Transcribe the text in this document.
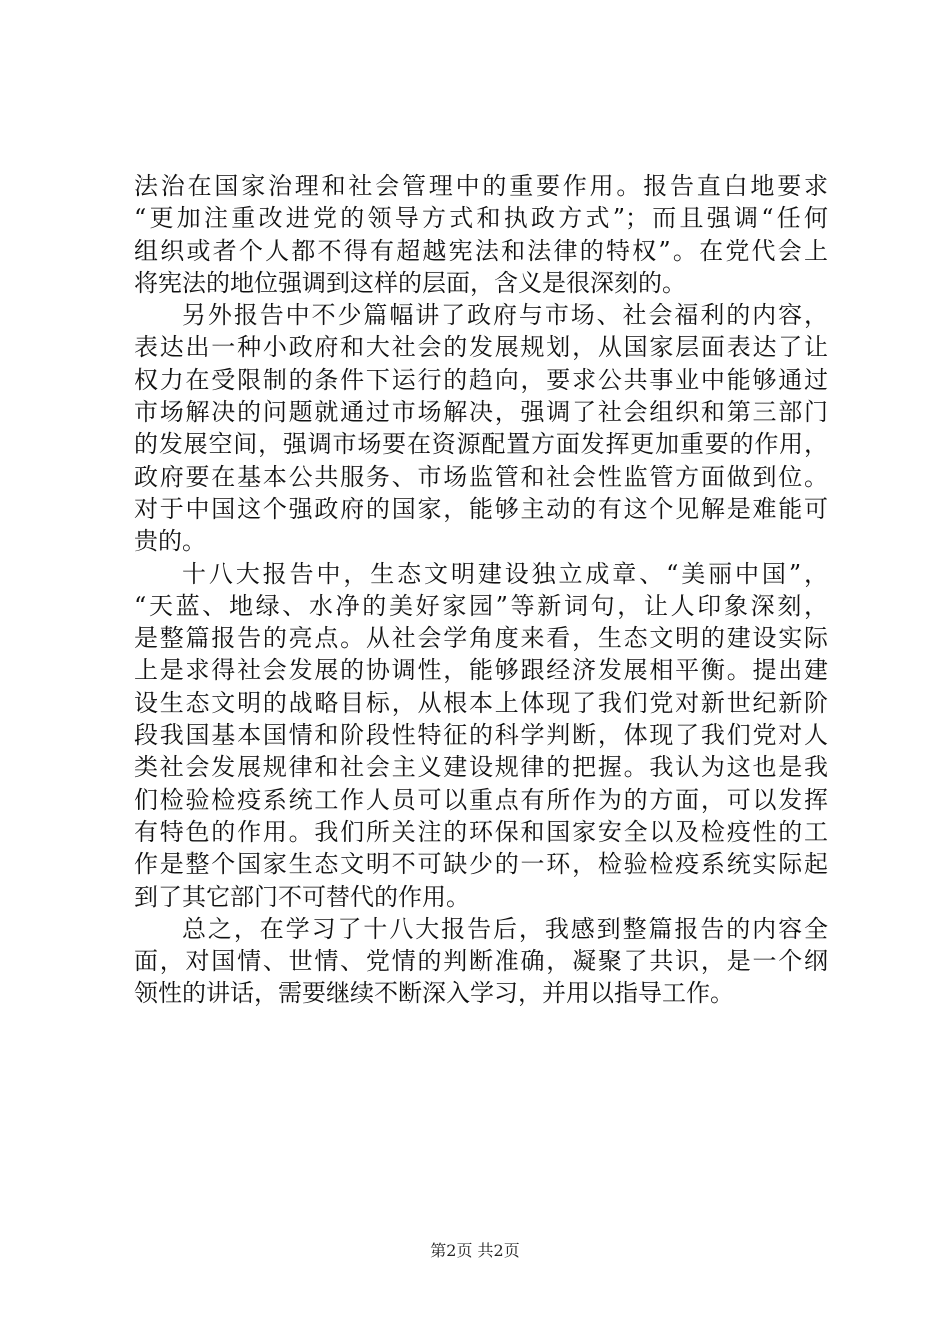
法治在国家治理和社会管理中的重要作用。报告直白地要求
“更加注重改进党的领导方式和执政方式”；而且强调“任何
组织或者个人都不得有超越宪法和法律的特权”。在党代会上
将宪法的地位强调到这样的层面，含义是很深刻的。
另外报告中不少篇幅讲了政府与市场、社会福利的内容，
表达出一种小政府和大社会的发展规划，从国家层面表达了让
权力在受限制的条件下运行的趋向，要求公共事业中能够通过
市场解决的问题就通过市场解决，强调了社会组织和第三部门
的发展空间，强调市场要在资源配置方面发挥更加重要的作用，
政府要在基本公共服务、市场监管和社会性监管方面做到位。
对于中国这个强政府的国家，能够主动的有这个见解是难能可
贵的。
十八大报告中，生态文明建设独立成章、“美丽中国”，
“天蓝、地绿、水净的美好家园”等新词句，让人印象深刻，
是整篇报告的亮点。从社会学角度来看，生态文明的建设实际
上是求得社会发展的协调性，能够跟经济发展相平衡。提出建
设生态文明的战略目标，从根本上体现了我们党对新世纪新阶
段我国基本国情和阶段性特征的科学判断，体现了我们党对人
类社会发展规律和社会主义建设规律的把握。我认为这也是我
们检验检疫系统工作人员可以重点有所作为的方面，可以发挥
有特色的作用。我们所关注的环保和国家安全以及检疫性的工
作是整个国家生态文明不可缺少的一环，检验检疫系统实际起
到了其它部门不可替代的作用。
总之，在学习了十八大报告后，我感到整篇报告的内容全
面，对国情、世情、党情的判断准确，凝聚了共识，是一个纲
领性的讲话，需要继续不断深入学习，并用以指导工作。
第2页 共2页
